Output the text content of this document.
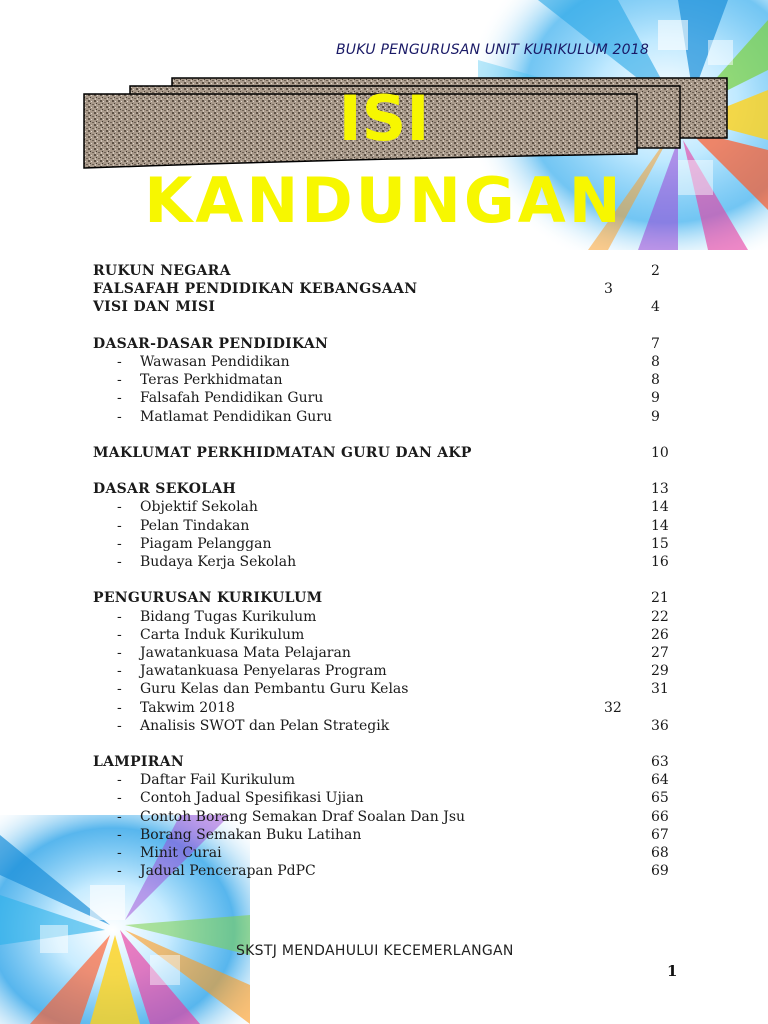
BUKU PENGURUSAN UNIT KURIKULUM 2018
ISI
KANDUNGAN
RUKUN NEGARA	2
FALSAFAH PENDIDIKAN KEBANGSAAN	3
VISI DAN MISI	4
DASAR-DASAR PENDIDIKAN	7
- Wawasan Pendidikan	8
- Teras Perkhidmatan	8
- Falsafah Pendidikan Guru	9
- Matlamat Pendidikan Guru	9
MAKLUMAT PERKHIDMATAN GURU DAN AKP	10
DASAR SEKOLAH	13
- Objektif Sekolah	14
- Pelan Tindakan	14
- Piagam Pelanggan	15
- Budaya Kerja Sekolah	16
PENGURUSAN KURIKULUM	21
- Bidang Tugas Kurikulum	22
- Carta Induk Kurikulum	26
- Jawatankuasa Mata Pelajaran	27
- Jawatankuasa Penyelaras Program	29
- Guru Kelas dan Pembantu Guru Kelas	31
- Takwim 2018	32
- Analisis SWOT dan Pelan Strategik	36
LAMPIRAN	63
- Daftar Fail Kurikulum	64
- Contoh Jadual Spesifikasi Ujian	65
- Contoh Borang Semakan Draf Soalan Dan Jsu	66
- Borang Semakan Buku Latihan	67
- Minit Curai	68
- Jadual Pencerapan PdPC	69
SKSTJ MENDAHULUI KECEMERLANGAN
1
